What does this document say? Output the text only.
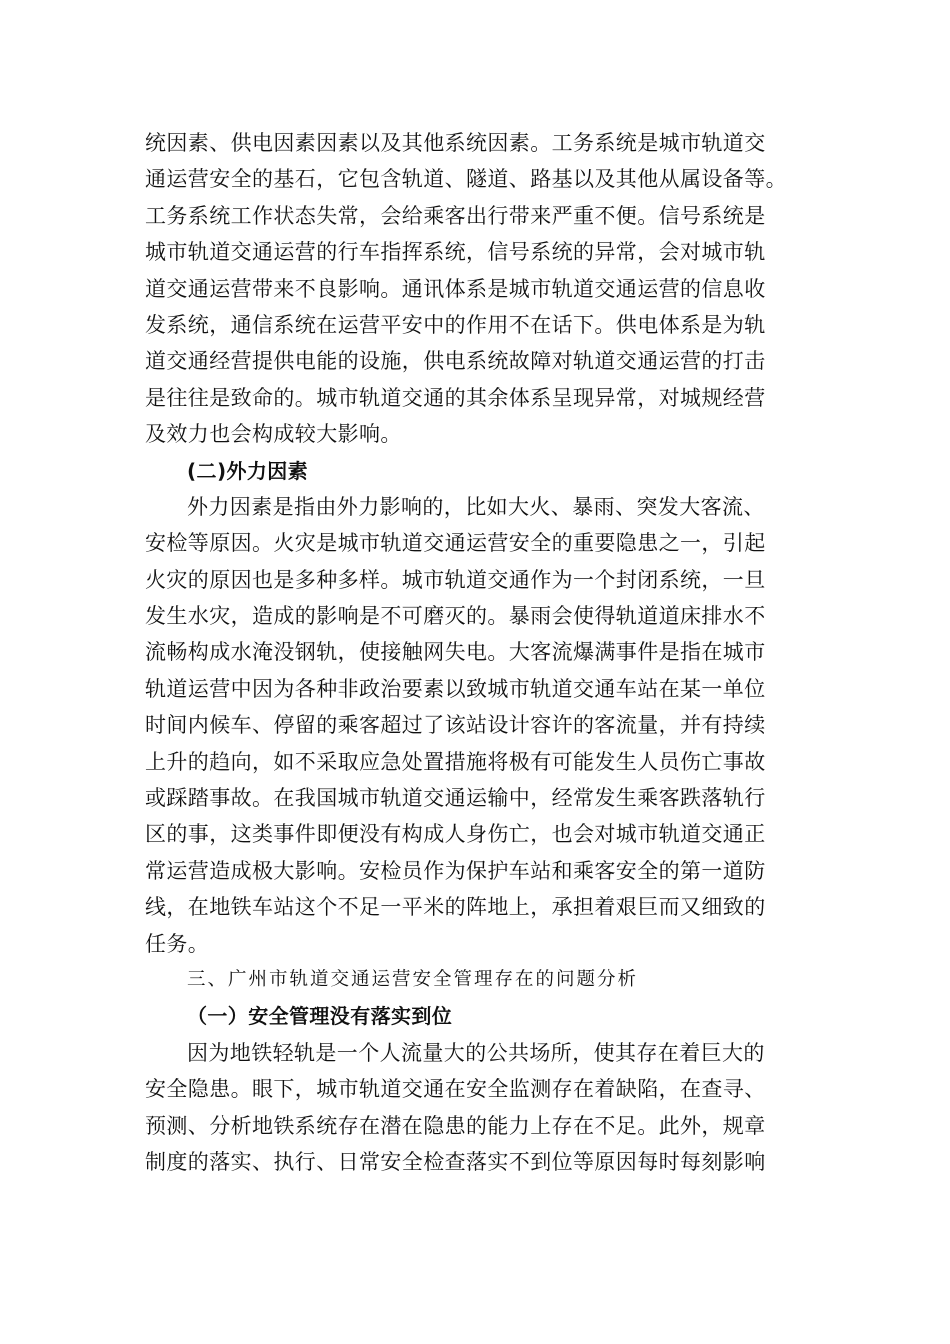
统因素、供电因素因素以及其他系统因素。工务系统是城市轨道交
通运营安全的基石，它包含轨道、隧道、路基以及其他从属设备等。
工务系统工作状态失常，会给乘客出行带来严重不便。信号系统是
城市轨道交通运营的行车指挥系统，信号系统的异常，会对城市轨
道交通运营带来不良影响。通讯体系是城市轨道交通运营的信息收
发系统，通信系统在运营平安中的作用不在话下。供电体系是为轨
道交通经营提供电能的设施，供电系统故障对轨道交通运营的打击
是往往是致命的。城市轨道交通的其余体系呈现异常，对城规经营
及效力也会构成较大影响。
(二)外力因素
外力因素是指由外力影响的，比如大火、暴雨、突发大客流、
安检等原因。火灾是城市轨道交通运营安全的重要隐患之一，引起
火灾的原因也是多种多样。城市轨道交通作为一个封闭系统，一旦
发生水灾，造成的影响是不可磨灭的。暴雨会使得轨道道床排水不
流畅构成水淹没钢轨，使接触网失电。大客流爆满事件是指在城市
轨道运营中因为各种非政治要素以致城市轨道交通车站在某一单位
时间内候车、停留的乘客超过了该站设计容许的客流量，并有持续
上升的趋向，如不采取应急处置措施将极有可能发生人员伤亡事故
或踩踏事故。在我国城市轨道交通运输中，经常发生乘客跌落轨行
区的事，这类事件即便没有构成人身伤亡，也会对城市轨道交通正
常运营造成极大影响。安检员作为保护车站和乘客安全的第一道防
线，在地铁车站这个不足一平米的阵地上，承担着艰巨而又细致的
任务。
三、广州市轨道交通运营安全管理存在的问题分析
（一）安全管理没有落实到位
因为地铁轻轨是一个人流量大的公共场所，使其存在着巨大的
安全隐患。眼下，城市轨道交通在安全监测存在着缺陷，在查寻、
预测、分析地铁系统存在潜在隐患的能力上存在不足。此外，规章
制度的落实、执行、日常安全检查落实不到位等原因每时每刻影响
